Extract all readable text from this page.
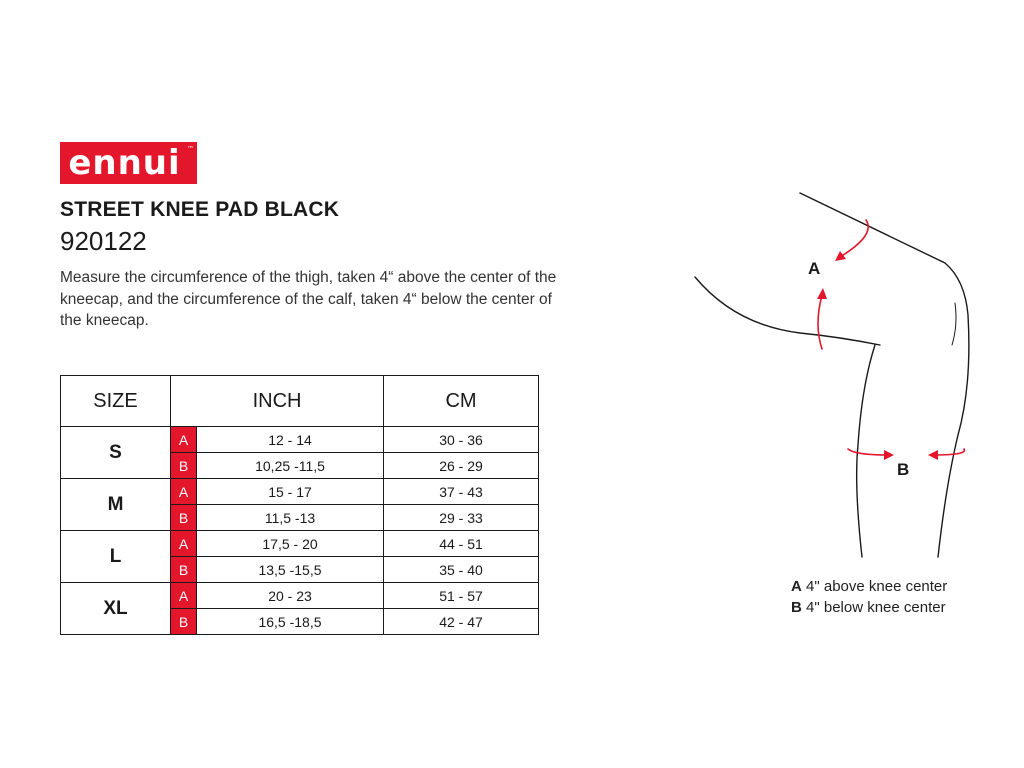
ennui ™
STREET KNEE PAD BLACK
920122
Measure the circumference of the thigh, taken 4“ above the center of the kneecap, and the circumference of the calf, taken 4“ below the center of the kneecap.
SIZE	INCH		CM
S	A	12 - 14	30 - 36
	B	10,25 -11,5	26 - 29
M	A	15 - 17	37 - 43
	B	11,5 -13	29 - 33
L	A	17,5 - 20	44 - 51
	B	13,5 -15,5	35 - 40
XL	A	20 - 23	51 - 57
	B	16,5 -18,5	42 - 47
A
B
A 4" above knee center
B 4" below knee center
